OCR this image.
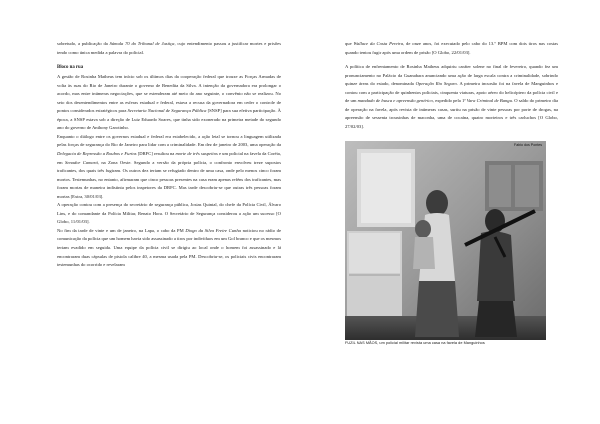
sobretudo, a publicação da Súmula 70 do Tribunal de Justiça, cujo entendimento passou a justificar mortes e prisões tendo como única medida a palavra do policial.

Bloco na rua

A gestão de Rosinha Matheus tem início sob os últimos dias da cooperação federal que trouxe as Forças Armadas de volta às ruas do Rio de Janeiro durante o governo de Benedita da Silva. A intenção da governadora era prolongar o acordo, mas entre inúmeras negociações, que se estenderam até meio do ano seguinte, o convênio não se realizou. No seio dos desentendimentos entre as esferas estadual e federal, estava a recusa da governadora em ceder o controle de pontos considerados estratégicos para Secretaria Nacional de Segurança Pública [SNSP] para sua efetiva participação. À época, a SNSP estava sob a direção de Luiz Eduardo Soares, que tinha sido exonerado na primeira metade do segundo ano do governo de Anthony Garotinho.

Enquanto o diálogo entre os governos estadual e federal era estabelecido, a ação letal se tornou a linguagem utilizada pelas forças de segurança do Rio de Janeiro para lidar com a criminalidade. Em dez de janeiro de 2003, uma operação da Delegacia de Repressão a Roubos e Furtos [DRFC] resultou na morte de três suspeitos e um policial na favela da Coréia, em Senador Camará, na Zona Oeste. Segundo a versão da própria polícia, o confronto envolveu treze supostos traficantes, dos quais três fugiram. Os outros dez teriam se refugiado dentro de uma casa, onde pelo menos cinco foram mortos. Testemunhas, no entanto, afirmaram que cinco pessoas presentes na casa eram apenas reféns dos traficantes, mas foram mortas de maneira indistinta pelos inspetores da DRFC. Mas tarde descobriu-se que outras três pessoas foram mortas [Extra, 30/01/03].

A operação contou com a presença do secretário de segurança pública, Josias Quintal, do chefe da Polícia Civil, Álvaro Lins, e do comandante da Polícia Militar, Renato Hora. O Secretário de Segurança considerou a ação um sucesso [O Globo, 11/01/03].

No fim da tarde de vinte e um de janeiro, na Lapa, o cabo da PM Diogo da Silva Freire Cunha noticiou no rádio de comunicação da polícia que um homem havia sido assassinado a tiros por indivíduos em um Gol branco e que os mesmos teriam evadido em seguida. Uma equipe da polícia civil se dirigiu ao local onde o homem foi assassinado e lá encontraram duas cápsulas de pistola calibre 40, a mesma usada pela PM. Descobriu-se, os policiais civis encontraram testemunhas do ocorrido e revelaram

que Wallace da Costa Pereira, de onze anos, foi executado pelo cabo do 13.º BPM com dois tiros nas costas quando tentou fugir após uma ordem de prisão [O Globo, 22/01/03].

A política de enfrentamento de Rosinha Matheus adquiriu caráter solene no final de fevereiro, quando fez um pronunciamento no Palácio da Guanabara anunciando uma ação de larga escala contra a criminalidade, sobrindo quinze áreas do estado, denominada Operação Rio Seguro. A primeira incursão foi na favela de Manguinhos e contou com a participação de quinhentos policiais, cinquenta viaturas, apoio aéreo do helicóptero da polícia civil e de um mandado de busca e apreensão genérico, expedido pela 1ª Vara Criminal de Bangu. O saldo do primeiro dia de operação na favela, após revista de inúmeras casas, surtiu na prisão de vinte pessoas por porte de drogas, na apreensão de sessenta trouxinhas de maconha, uma de cocaína, quatro morteiros e três carluchos [O Globo, 27/02/03].

Fabio dos Pontes
FUZIL NAS MÃOS, um policial militar revista uma casa na favela de Manguinhos
